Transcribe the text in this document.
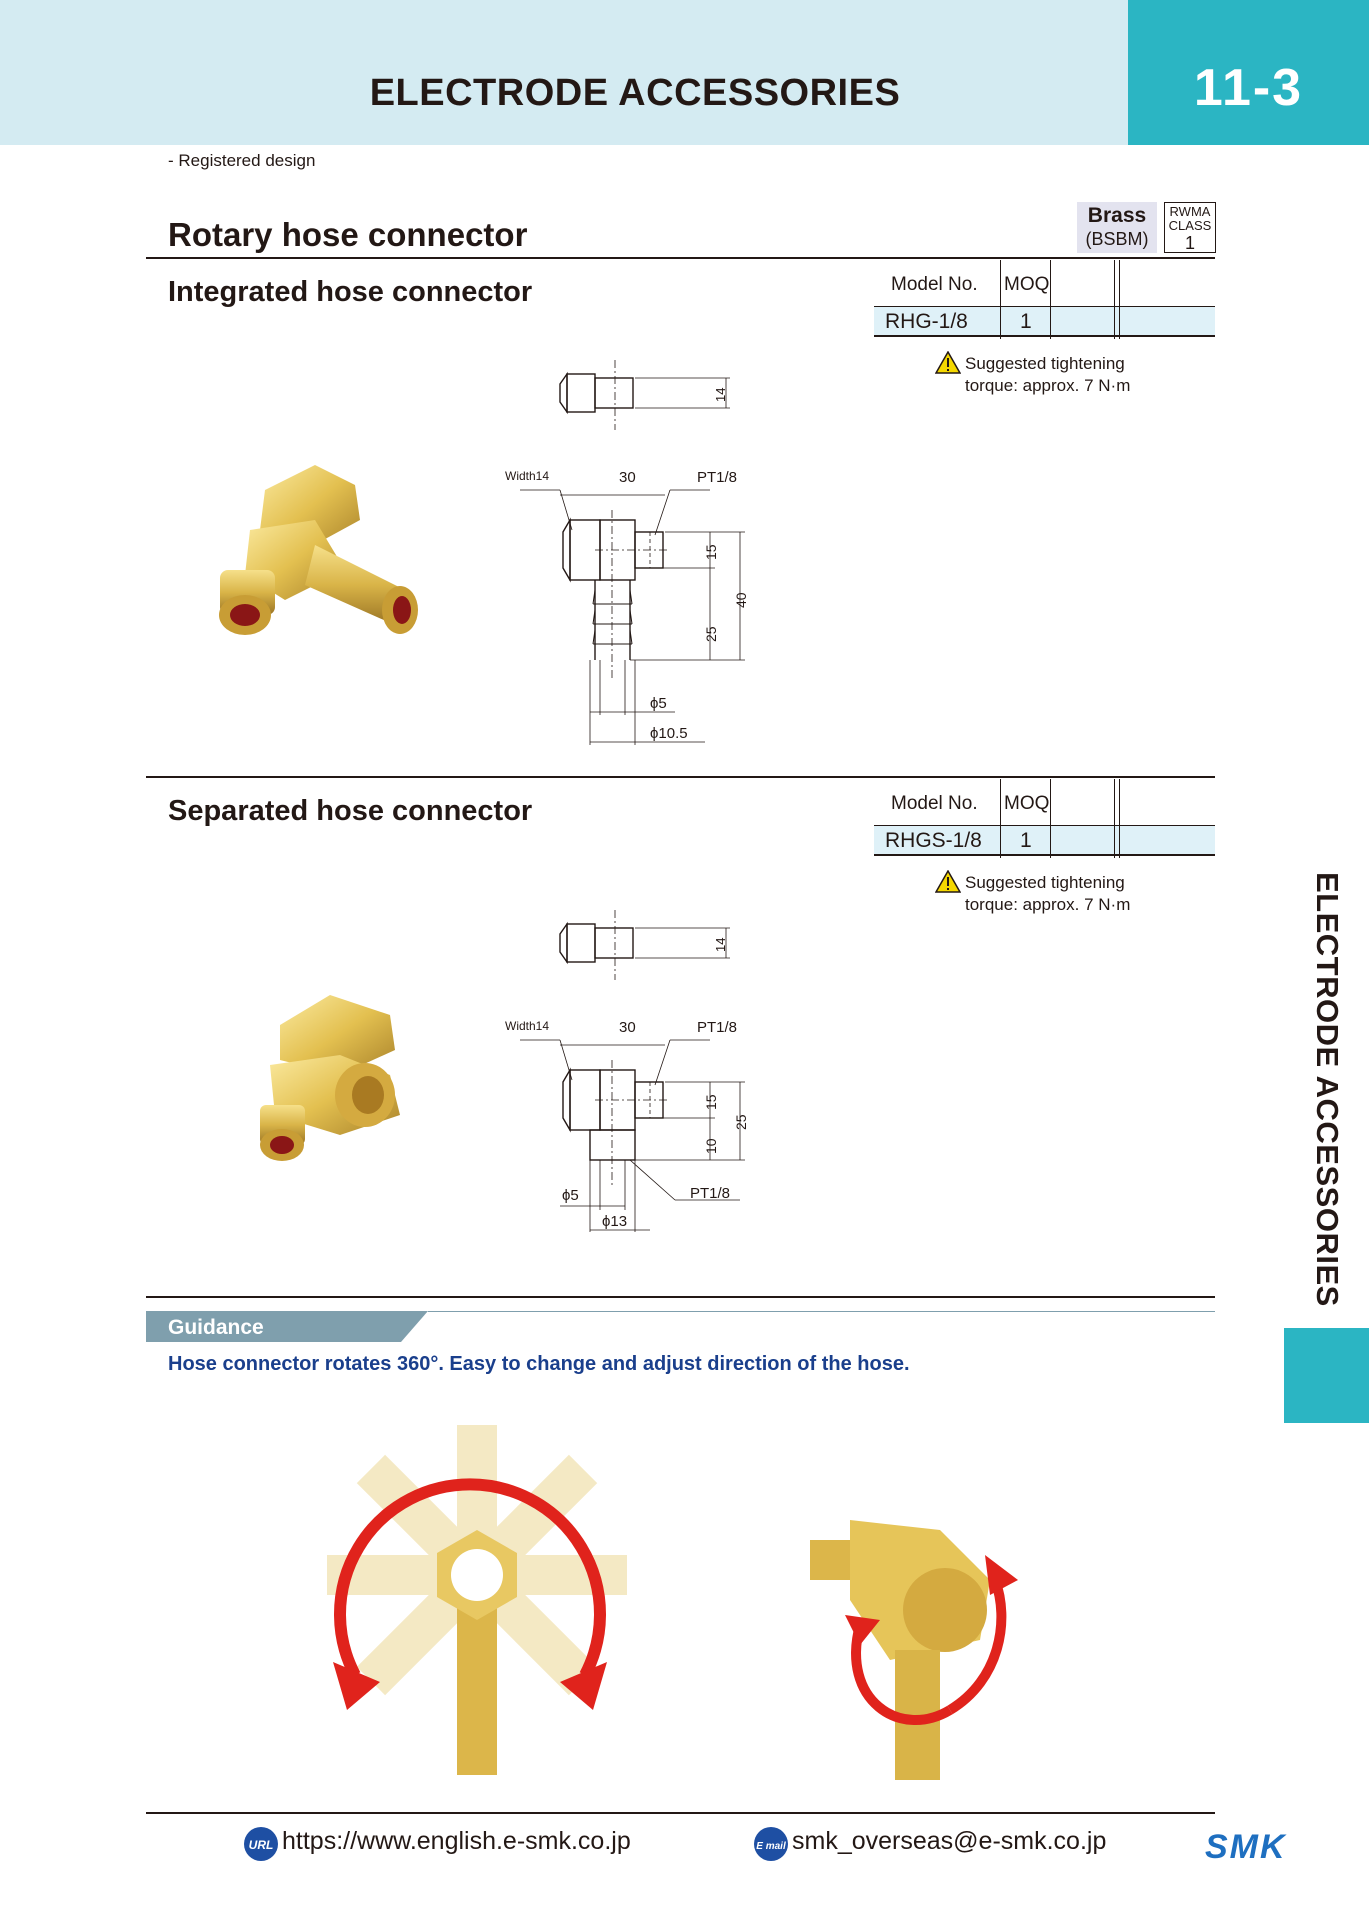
ELECTRODE ACCESSORIES	11-3
- Registered design
Rotary hose connector
Brass
(BSBM)
RWMA
CLASS
1
Integrated hose connector	Model No. MOQ
RHG-1/8 1
Suggested tightening
torque: approx. 7 N·m
14
Width14	30	PT1/8
15
40
25
ϕ5
ϕ10.5
Separated hose connector	Model No. MOQ
RHGS-1/8 1
Suggested tightening
torque: approx. 7 N·m
14
Width14	30	PT1/8
15
25
10
ϕ5
ϕ13
PT1/8
Guidance
Hose connector rotates 360°. Easy to change and adjust direction of the hose.
ELECTRODE ACCESSORIES
URL https://www.english.e-smk.co.jp	E mail smk_overseas@e-smk.co.jp	SMK
